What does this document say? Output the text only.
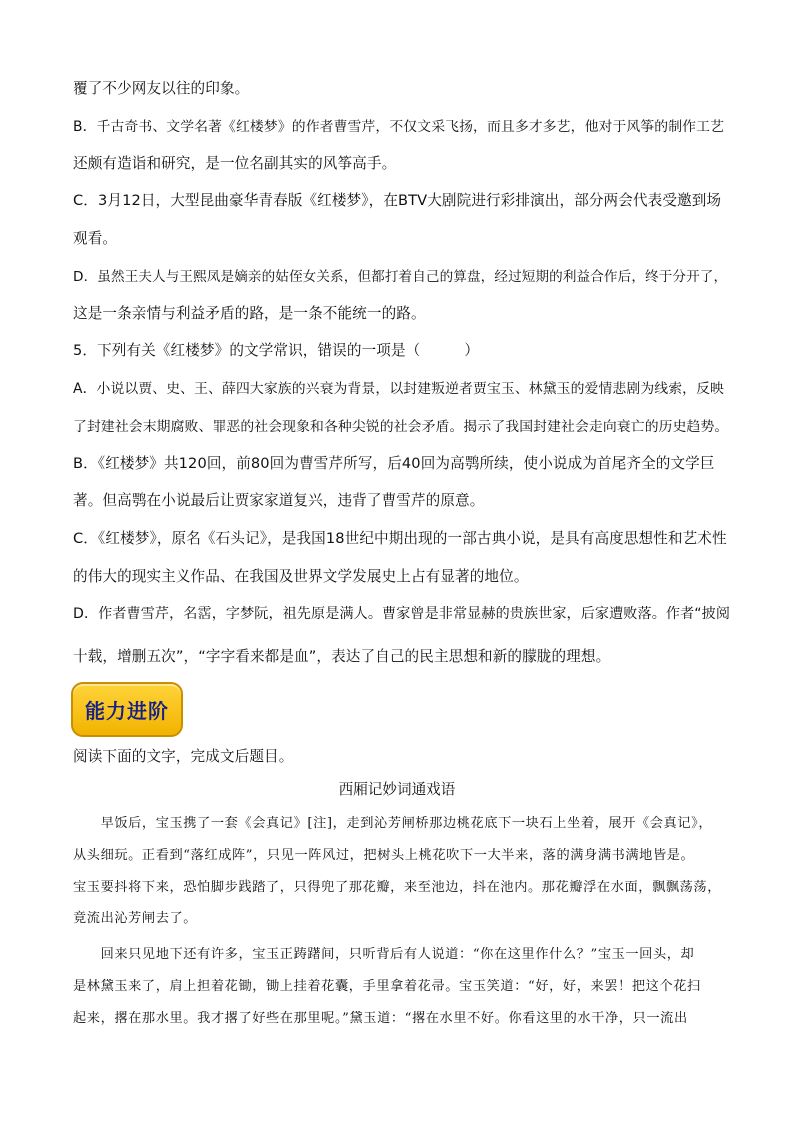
覆了不少网友以往的印象。
B．千古奇书、文学名著《红楼梦》的作者曹雪芹，不仅文采飞扬，而且多才多艺，他对于风筝的制作工艺
还颇有造诣和研究，是一位名副其实的风筝高手。
C．3月12日，大型昆曲豪华青春版《红楼梦》，在BTV大剧院进行彩排演出，部分两会代表受邀到场
观看。
D．虽然王夫人与王熙凤是嫡亲的姑侄女关系，但都打着自己的算盘，经过短期的利益合作后，终于分开了，
这是一条亲情与利益矛盾的路，是一条不能统一的路。
5．下列有关《红楼梦》的文学常识，错误的一项是（　　　）
A．小说以贾、史、王、薛四大家族的兴衰为背景，以封建叛逆者贾宝玉、林黛玉的爱情悲剧为线索，反映
了封建社会末期腐败、罪恶的社会现象和各种尖锐的社会矛盾。揭示了我国封建社会走向衰亡的历史趋势。
B．《红楼梦》共120回，前80回为曹雪芹所写，后40回为高鹗所续，使小说成为首尾齐全的文学巨
著。但高鹗在小说最后让贾家家道复兴，违背了曹雪芹的原意。
C．《红楼梦》，原名《石头记》，是我国18世纪中期出现的一部古典小说，是具有高度思想性和艺术性
的伟大的现实主义作品、在我国及世界文学发展史上占有显著的地位。
D．作者曹雪芹，名霑，字梦阮，祖先原是满人。曹家曾是非常显赫的贵族世家，后家遭败落。作者“披阅
十载，增删五次”，“字字看来都是血”，表达了自己的民主思想和新的朦胧的理想。
能力进阶
阅读下面的文字，完成文后题目。
西厢记妙词通戏语
　　早饭后，宝玉携了一套《会真记》[注]，走到沁芳闸桥那边桃花底下一块石上坐着，展开《会真记》，
从头细玩。正看到“落红成阵”，只见一阵风过，把树头上桃花吹下一大半来，落的满身满书满地皆是。
宝玉要抖将下来，恐怕脚步践踏了，只得兜了那花瓣，来至池边，抖在池内。那花瓣浮在水面，飘飘荡荡，
竟流出沁芳闸去了。
　　回来只见地下还有许多，宝玉正踌躇间，只听背后有人说道：“你在这里作什么？”宝玉一回头，却
是林黛玉来了，肩上担着花锄，锄上挂着花囊，手里拿着花帚。宝玉笑道：“好，好，来罢！把这个花扫
起来，撂在那水里。我才撂了好些在那里呢。”黛玉道：“撂在水里不好。你看这里的水干净，只一流出
